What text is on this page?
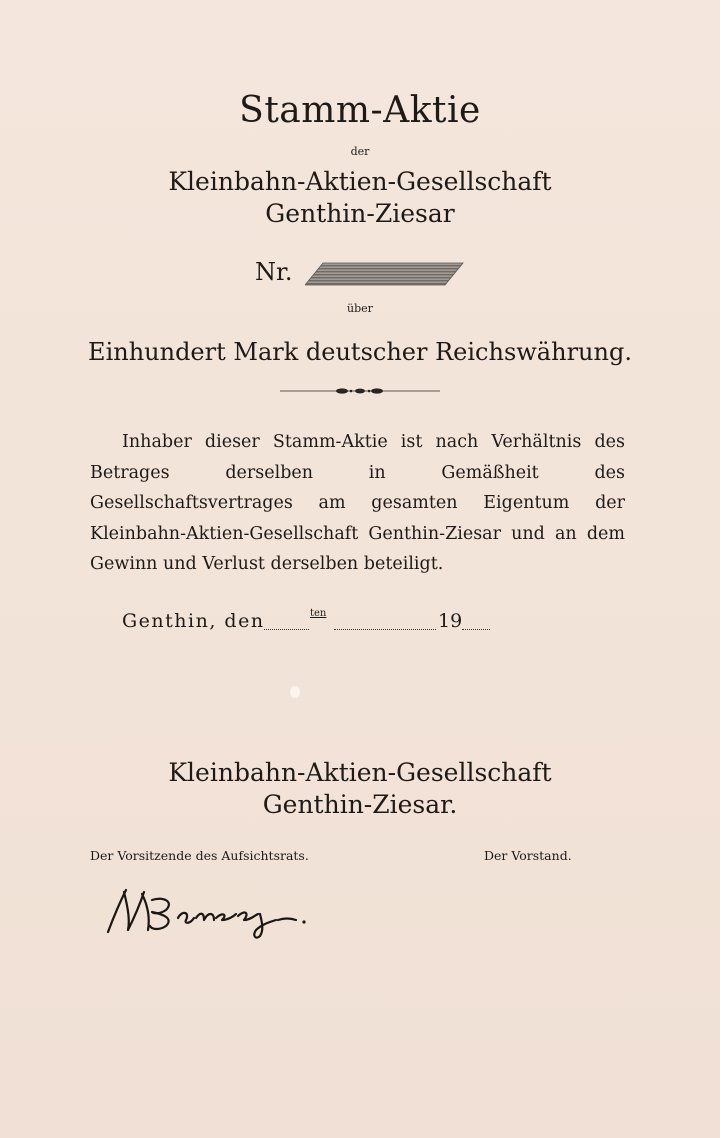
Stamm-Aktie
der
Kleinbahn-Aktien-Gesellschaft
Genthin-Ziesar
Nr.
über
Einhundert Mark deutscher Reichswährung.
Inhaber dieser Stamm-Aktie ist nach Verhältnis des Betrages derselben in Gemäßheit des Gesellschaftsvertrages am gesamten Eigentum der Kleinbahn-Aktien-Gesellschaft Genthin-Ziesar und an dem Gewinn und Verlust derselben beteiligt.
Genthin, den	ten	19
Kleinbahn-Aktien-Gesellschaft
Genthin-Ziesar.
Der Vorsitzende des Aufsichtsrats.	Der Vorstand.
